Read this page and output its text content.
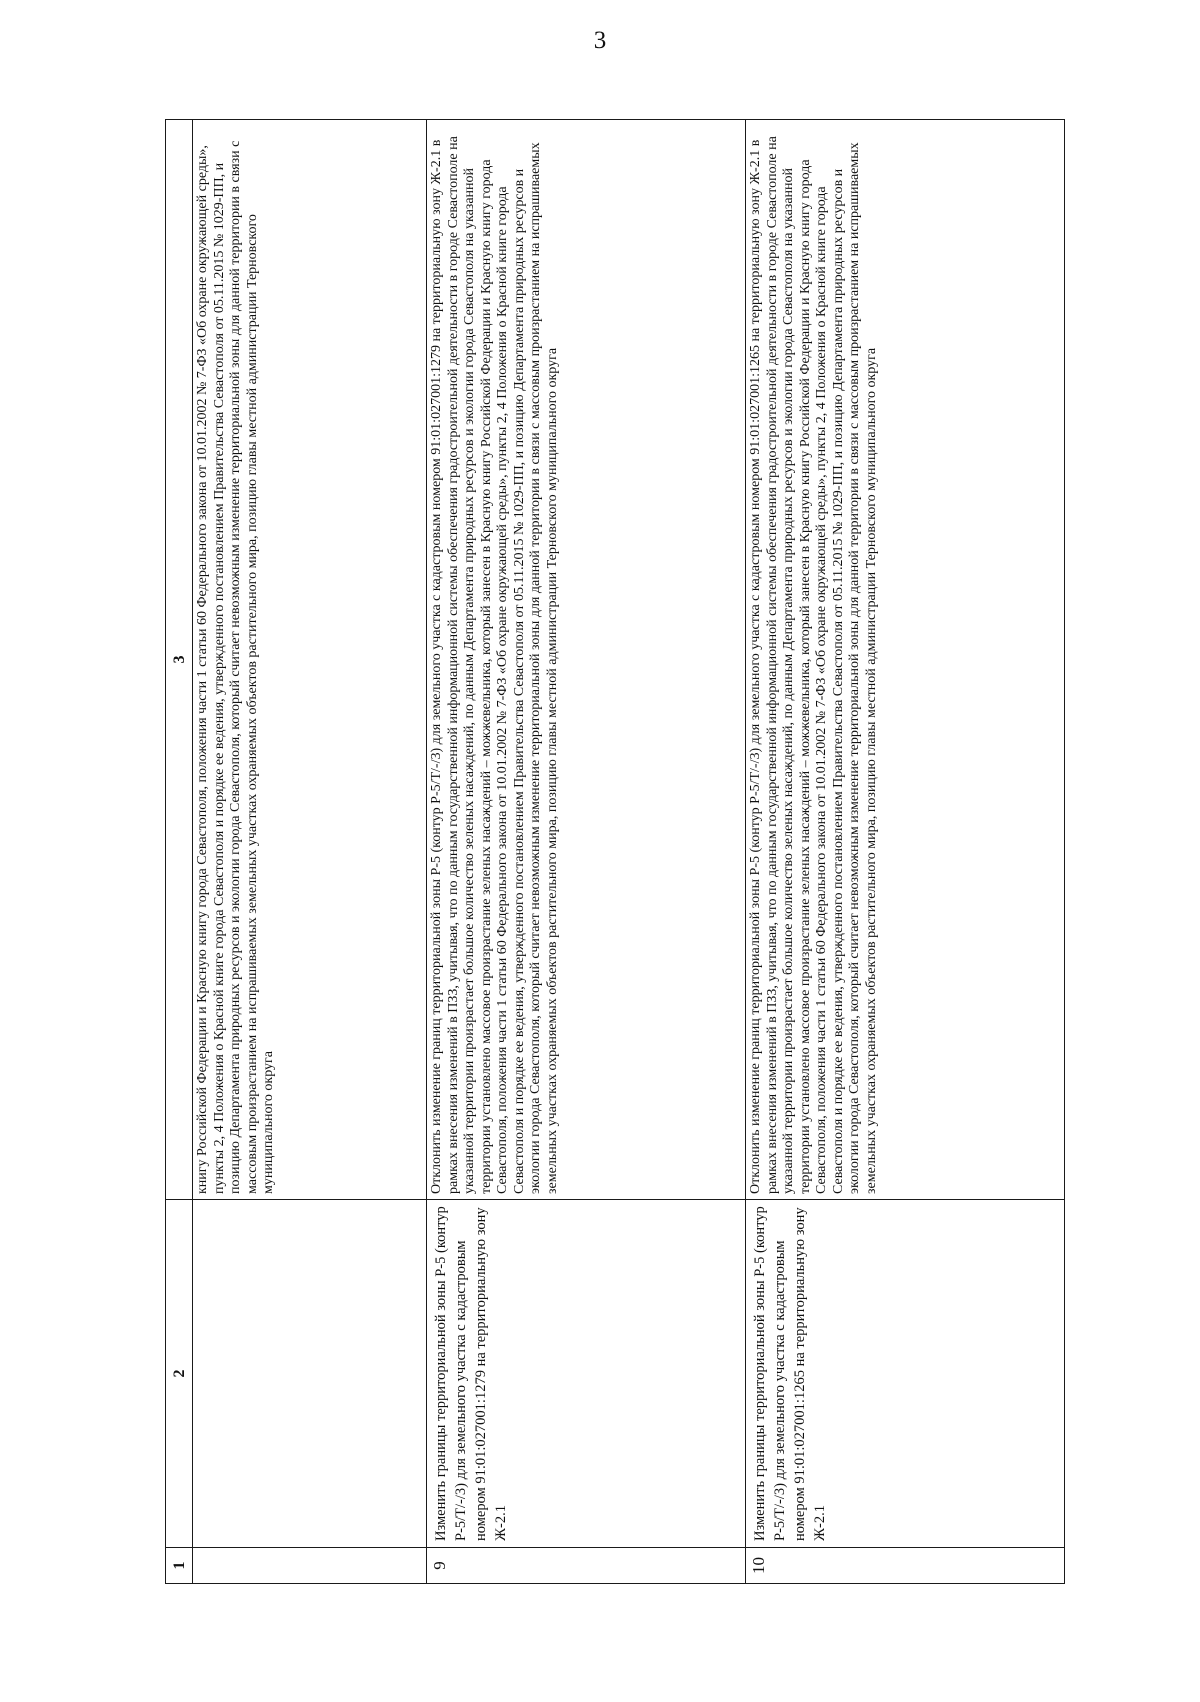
3
1	2	3
		книгу Российской Федерации и Красную книгу города Севастополя, положения части 1 статьи 60 Федерального закона от 10.01.2002 № 7-ФЗ «Об охране окружающей среды», пункты 2, 4 Положения о Красной книге города Севастополя и порядке ее ведения, утвержденного постановлением Правительства Севастополя от 05.11.2015 № 1029-ПП, и позицию Департамента природных ресурсов и экологии города Севастополя, который считает невозможным изменение территориальной зоны для данной территории в связи с массовым произрастанием на испрашиваемых земельных участках охраняемых объектов растительного мира, позицию главы местной администрации Терновского муниципального округа
9	Изменить границы территориальной зоны Р-5 (контур Р-5/Т/-/3) для земельного участка с кадастровым номером 91:01:027001:1279 на территориальную зону Ж-2.1	Отклонить изменение границ территориальной зоны Р-5 (контур Р-5/Т/-/3) для земельного участка с кадастровым номером 91:01:027001:1279 на территориальную зону Ж-2.1 в рамках внесения изменений в ПЗЗ, учитывая, что по данным государственной информационной системы обеспечения градостроительной деятельности в городе Севастополе на указанной территории произрастает большое количество зеленых насаждений, по данным Департамента природных ресурсов и экологии города Севастополя на указанной территории установлено массовое произрастание зеленых насаждений – можжевельника, который занесен в Красную книгу Российской Федерации и Красную книгу города Севастополя, положения части 1 статьи 60 Федерального закона от 10.01.2002 № 7-ФЗ «Об охране окружающей среды», пункты 2, 4 Положения о Красной книге города Севастополя и порядке ее ведения, утвержденного постановлением Правительства Севастополя от 05.11.2015 № 1029-ПП, и позицию Департамента природных ресурсов и экологии города Севастополя, который считает невозможным изменение территориальной зоны для данной территории в связи с массовым произрастанием на испрашиваемых земельных участках охраняемых объектов растительного мира, позицию главы местной администрации Терновского муниципального округа
10	Изменить границы территориальной зоны Р-5 (контур Р-5/Т/-/3) для земельного участка с кадастровым номером 91:01:027001:1265 на территориальную зону Ж-2.1	Отклонить изменение границ территориальной зоны Р-5 (контур Р-5/Т/-/3) для земельного участка с кадастровым номером 91:01:027001:1265 на территориальную зону Ж-2.1 в рамках внесения изменений в ПЗЗ, учитывая, что по данным государственной информационной системы обеспечения градостроительной деятельности в городе Севастополе на указанной территории произрастает большое количество зеленых насаждений, по данным Департамента природных ресурсов и экологии города Севастополя на указанной территории установлено массовое произрастание зеленых насаждений – можжевельника, который занесен в Красную книгу Российской Федерации и Красную книгу города Севастополя, положения части 1 статьи 60 Федерального закона от 10.01.2002 № 7-ФЗ «Об охране окружающей среды», пункты 2, 4 Положения о Красной книге города Севастополя и порядке ее ведения, утвержденного постановлением Правительства Севастополя от 05.11.2015 № 1029-ПП, и позицию Департамента природных ресурсов и экологии города Севастополя, который считает невозможным изменение территориальной зоны для данной территории в связи с массовым произрастанием на испрашиваемых земельных участках охраняемых объектов растительного мира, позицию главы местной администрации Терновского муниципального округа
